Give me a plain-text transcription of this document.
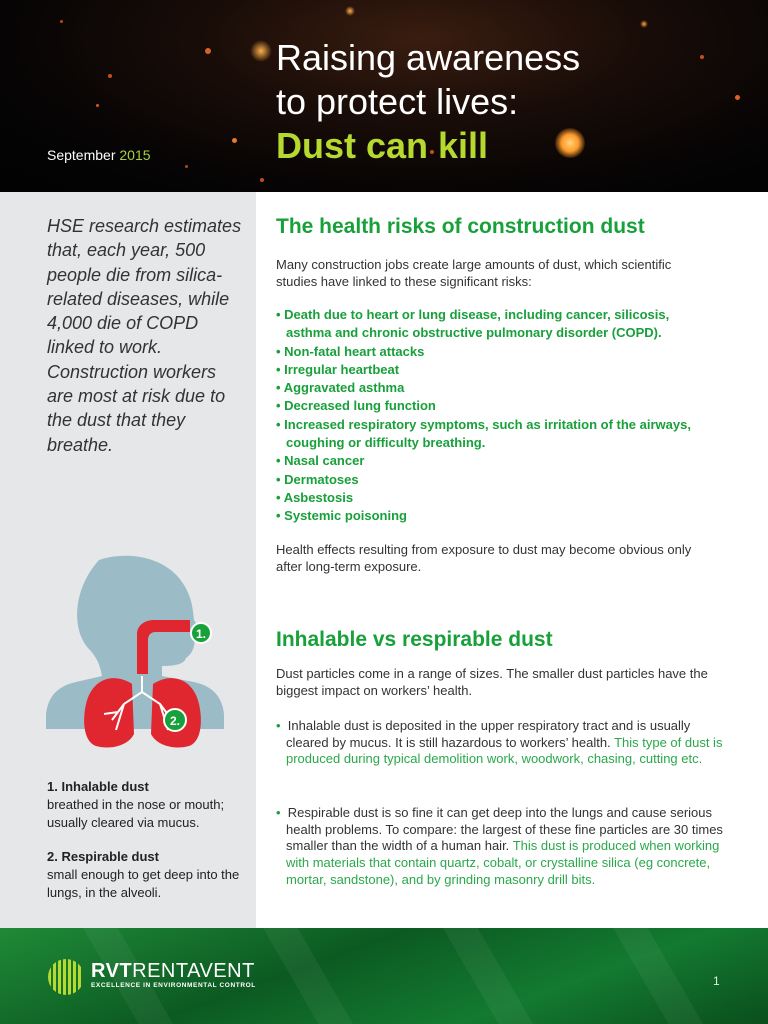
September 2015
Raising awareness
to protect lives:
Dust can kill
HSE research estimates that, each year, 500 people die from silica-related diseases, while 4,000 die of COPD linked to work. Construction workers are most at risk due to the dust that they breathe.
1.
2.
1. Inhalable dust
breathed in the nose or mouth; usually cleared via mucus.
2. Respirable dust
small enough to get deep into the lungs, in the alveoli.
The health risks of construction dust
Many construction jobs create large amounts of dust, which scientific studies have linked to these significant risks:
• Death due to heart or lung disease, including cancer, silicosis, asthma and chronic obstructive pulmonary disorder (COPD).
• Non-fatal heart attacks
• Irregular heartbeat
• Aggravated asthma
• Decreased lung function
• Increased respiratory symptoms, such as irritation of the airways, coughing or difficulty breathing.
• Nasal cancer
• Dermatoses
• Asbestosis
• Systemic poisoning
Health effects resulting from exposure to dust may become obvious only after long-term exposure.
Inhalable vs respirable dust
Dust particles come in a range of sizes. The smaller dust particles have the biggest impact on workers’ health.
• Inhalable dust is deposited in the upper respiratory tract and is usually cleared by mucus. It is still hazardous to workers’ health. This type of dust is produced during typical demolition work, woodwork, chasing, cutting etc.
• Respirable dust is so fine it can get deep into the lungs and cause serious health problems. To compare: the largest of these fine particles are 30 times smaller than the width of a human hair. This dust is produced when working with materials that contain quartz, cobalt, or crystalline silica (eg concrete, mortar, sandstone), and by grinding masonry drill bits.
RVTRENTAVENT
EXCELLENCE IN ENVIRONMENTAL CONTROL	1
